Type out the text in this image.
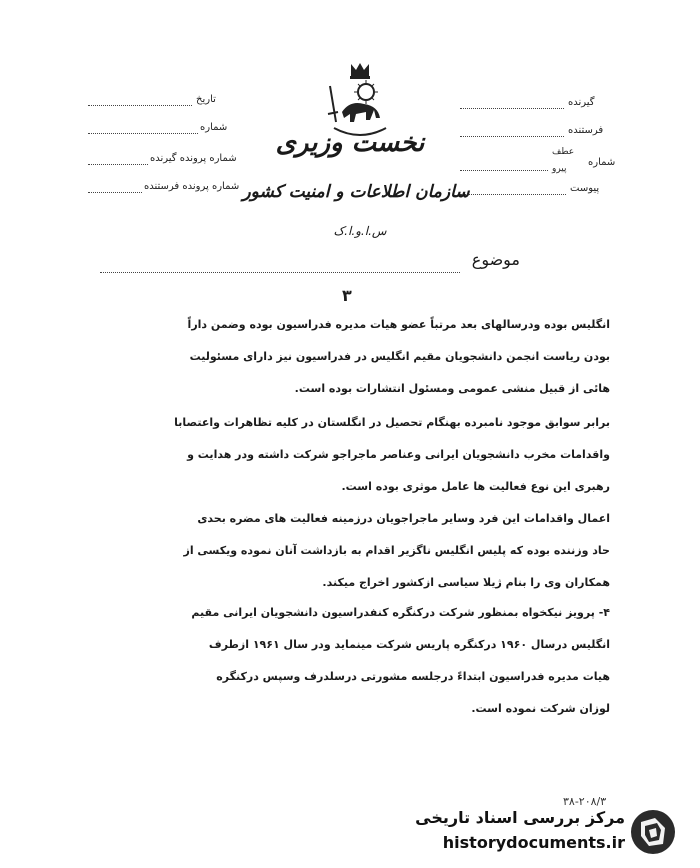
تاریخ
شماره
شماره پرونده گیرنده
شماره پرونده فرستنده
گیرنده
فرستنده
شماره
عطف
پیرو
پیوست
نخست وزیری
سازمان اطلاعات و امنیت کشور
س.ا.و.ا.ک
موضوع
۳
انگلیس بوده ودرسالهای بعد مرتباً عضو هیات مدیره فدراسیون بوده وضمن داراً
بودن ریاست انجمن دانشجویان مقیم انگلیس در فدراسیون نیز دارای مسئولیت
هائی از قبیل منشی عمومی ومسئول انتشارات بوده است.
برابر سوابق موجود نامبرده بهنگام تحصیل در انگلستان در کلیه تظاهرات واعتصابا
واقدامات مخرب دانشجویان ایرانی وعناصر ماجراجو شرکت داشته ودر هدایت و
رهبری این نوع فعالیت ها عامل موثری بوده است.
اعمال واقدامات این فرد وسایر ماجراجویان درزمینه فعالیت های مضره بحدی
حاد وزننده بوده که پلیس انگلیس ناگزیر اقدام به بازداشت آنان نموده ویکسی از
همکاران وی را بنام ژیلا سیاسی ازکشور اخراج میکند.
۴- پرویز نیکخواه بمنظور شرکت درکنگره کنفدراسیون دانشجویان ایرانی مقیم
انگلیس درسال ۱۹۶۰ درکنگره پاریس شرکت مینماید ودر سال ۱۹۶۱ ازطرف
هیات مدیره فدراسیون ابتداءً درجلسه مشورتی درسلدرف وسپس درکنگره
لوزان شرکت نموده است.
۳۸-۲۰۸/۳
مرکز بررسی اسناد تاریخی
historydocuments.ir
